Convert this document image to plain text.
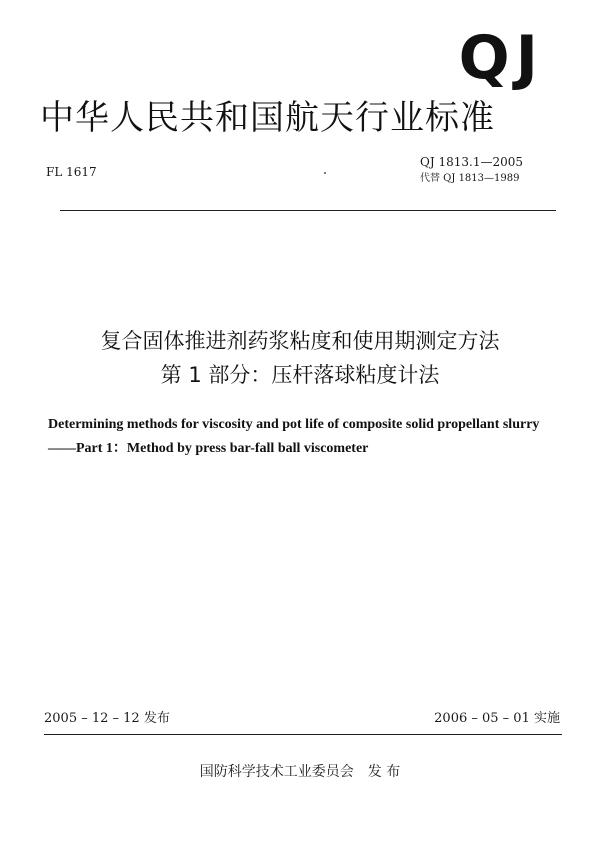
QJ
中华人民共和国航天行业标准
FL 1617
QJ 1813.1—2005
代替 QJ 1813—1989
复合固体推进剂药浆粘度和使用期测定方法
第 1 部分：压杆落球粘度计法
Determining methods for viscosity and pot life of composite solid propellant slurry
——Part 1：Method by press bar-fall ball viscometer
2005 – 12 – 12 发布	2006 – 05 – 01 实施
国防科学技术工业委员会　发 布
